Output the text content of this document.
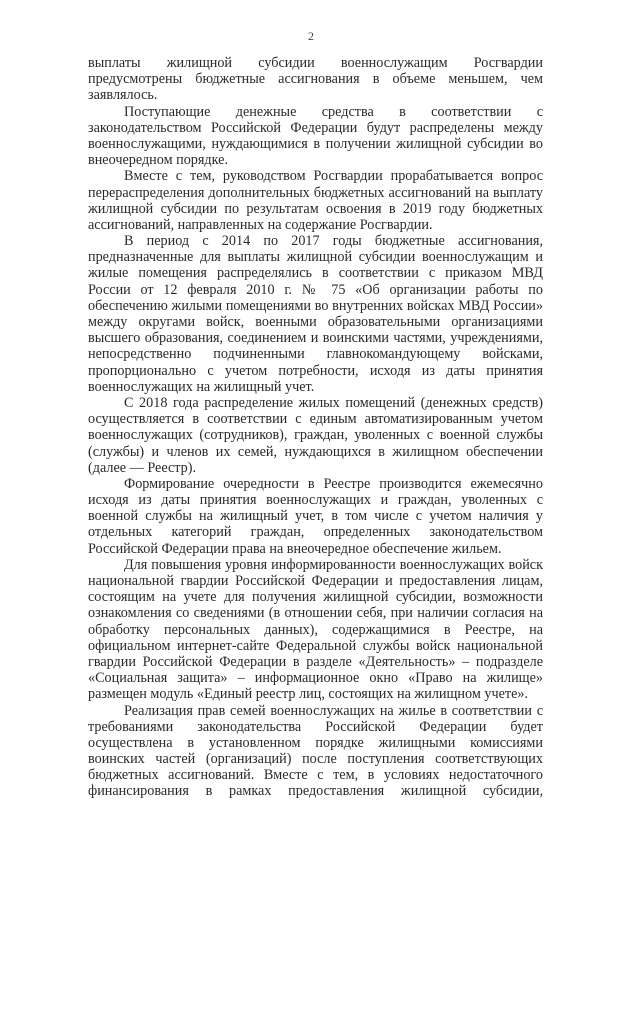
2
выплаты жилищной субсидии военнослужащим Росгвардии
предусмотрены бюджетные ассигнования в объеме меньшем, чем
заявлялось.
Поступающие денежные средства в соответствии с
законодательством Российской Федерации будут распределены между
военнослужащими, нуждающимися в получении жилищной субсидии во
внеочередном порядке.
Вместе с тем, руководством Росгвардии прорабатывается вопрос
перераспределения дополнительных бюджетных ассигнований на выплату
жилищной субсидии по результатам освоения в 2019 году бюджетных
ассигнований, направленных на содержание Росгвардии.
В период с 2014 по 2017 годы бюджетные ассигнования,
предназначенные для выплаты жилищной субсидии военнослужащим и
жилые помещения распределялись в соответствии с приказом МВД
России от 12 февраля 2010 г. № 75 «Об организации работы по
обеспечению жилыми помещениями во внутренних войсках МВД России»
между округами войск, военными образовательными организациями
высшего образования, соединением и воинскими частями, учреждениями,
непосредственно подчиненными главнокомандующему войсками,
пропорционально с учетом потребности, исходя из даты принятия
военнослужащих на жилищный учет.
С 2018 года распределение жилых помещений (денежных средств)
осуществляется в соответствии с единым автоматизированным учетом
военнослужащих (сотрудников), граждан, уволенных с военной службы
(службы) и членов их семей, нуждающихся в жилищном обеспечении
(далее — Реестр).
Формирование очередности в Реестре производится ежемесячно
исходя из даты принятия военнослужащих и граждан, уволенных с
военной службы на жилищный учет, в том числе с учетом наличия у
отдельных категорий граждан, определенных законодательством
Российской Федерации права на внеочередное обеспечение жильем.
Для повышения уровня информированности военнослужащих войск
национальной гвардии Российской Федерации и предоставления лицам,
состоящим на учете для получения жилищной субсидии, возможности
ознакомления со сведениями (в отношении себя, при наличии согласия на
обработку персональных данных), содержащимися в Реестре, на
официальном интернет-сайте Федеральной службы войск национальной
гвардии Российской Федерации в разделе «Деятельность» – подразделе
«Социальная защита» – информационное окно «Право на жилище»
размещен модуль «Единый реестр лиц, состоящих на жилищном учете».
Реализация прав семей военнослужащих на жилье в соответствии с
требованиями законодательства Российской Федерации будет
осуществлена в установленном порядке жилищными комиссиями
воинских частей (организаций) после поступления соответствующих
бюджетных ассигнований. Вместе с тем, в условиях недостаточного
финансирования в рамках предоставления жилищной субсидии,
